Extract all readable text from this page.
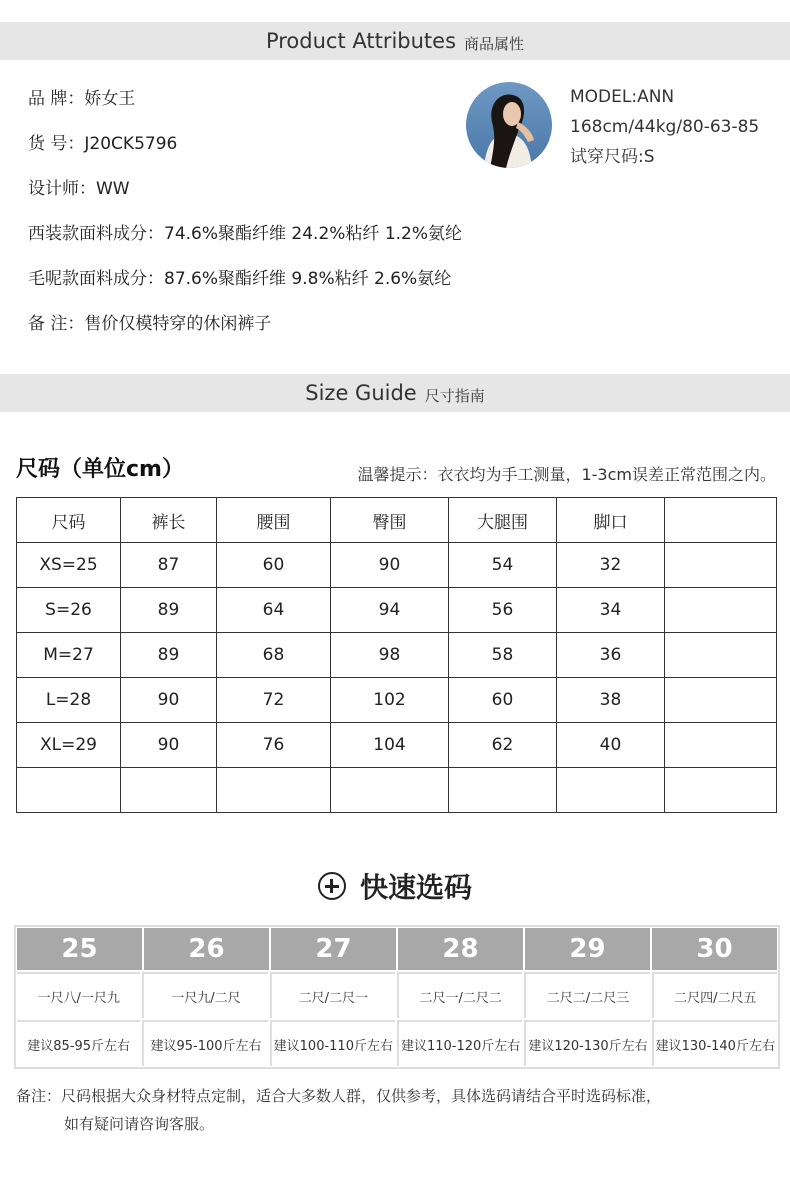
Product Attributes 商品属性
品 牌：娇女王
货 号：J20CK5796
设计师：WW
西装款面料成分：74.6%聚酯纤维 24.2%粘纤 1.2%氨纶
毛呢款面料成分：87.6%聚酯纤维 9.8%粘纤 2.6%氨纶
备 注：售价仅模特穿的休闲裤子
MODEL:ANN
168cm/44kg/80-63-85
试穿尺码:S
Size Guide 尺寸指南
尺码（单位cm）	温馨提示：衣衣均为手工测量，1-3cm误差正常范围之内。
尺码	裤长	腰围	臀围	大腿围	脚口	
XS=25	87	60	90	54	32	
S=26	89	64	94	56	34	
M=27	89	68	98	58	36	
L=28	90	72	102	60	38	
XL=29	90	76	104	62	40	

快速选码
25	26	27	28	29	30
一尺八/一尺九	一尺九/二尺	二尺/二尺一	二尺一/二尺二	二尺二/二尺三	二尺四/二尺五
建议85-95斤左右	建议95-100斤左右 建议100-110斤左右 建议110-120斤左右 建议120-130斤左右 建议130-140斤左右
备注：尺码根据大众身材特点定制，适合大多数人群，仅供参考，具体选码请结合平时选码标准，
如有疑问请咨询客服。
